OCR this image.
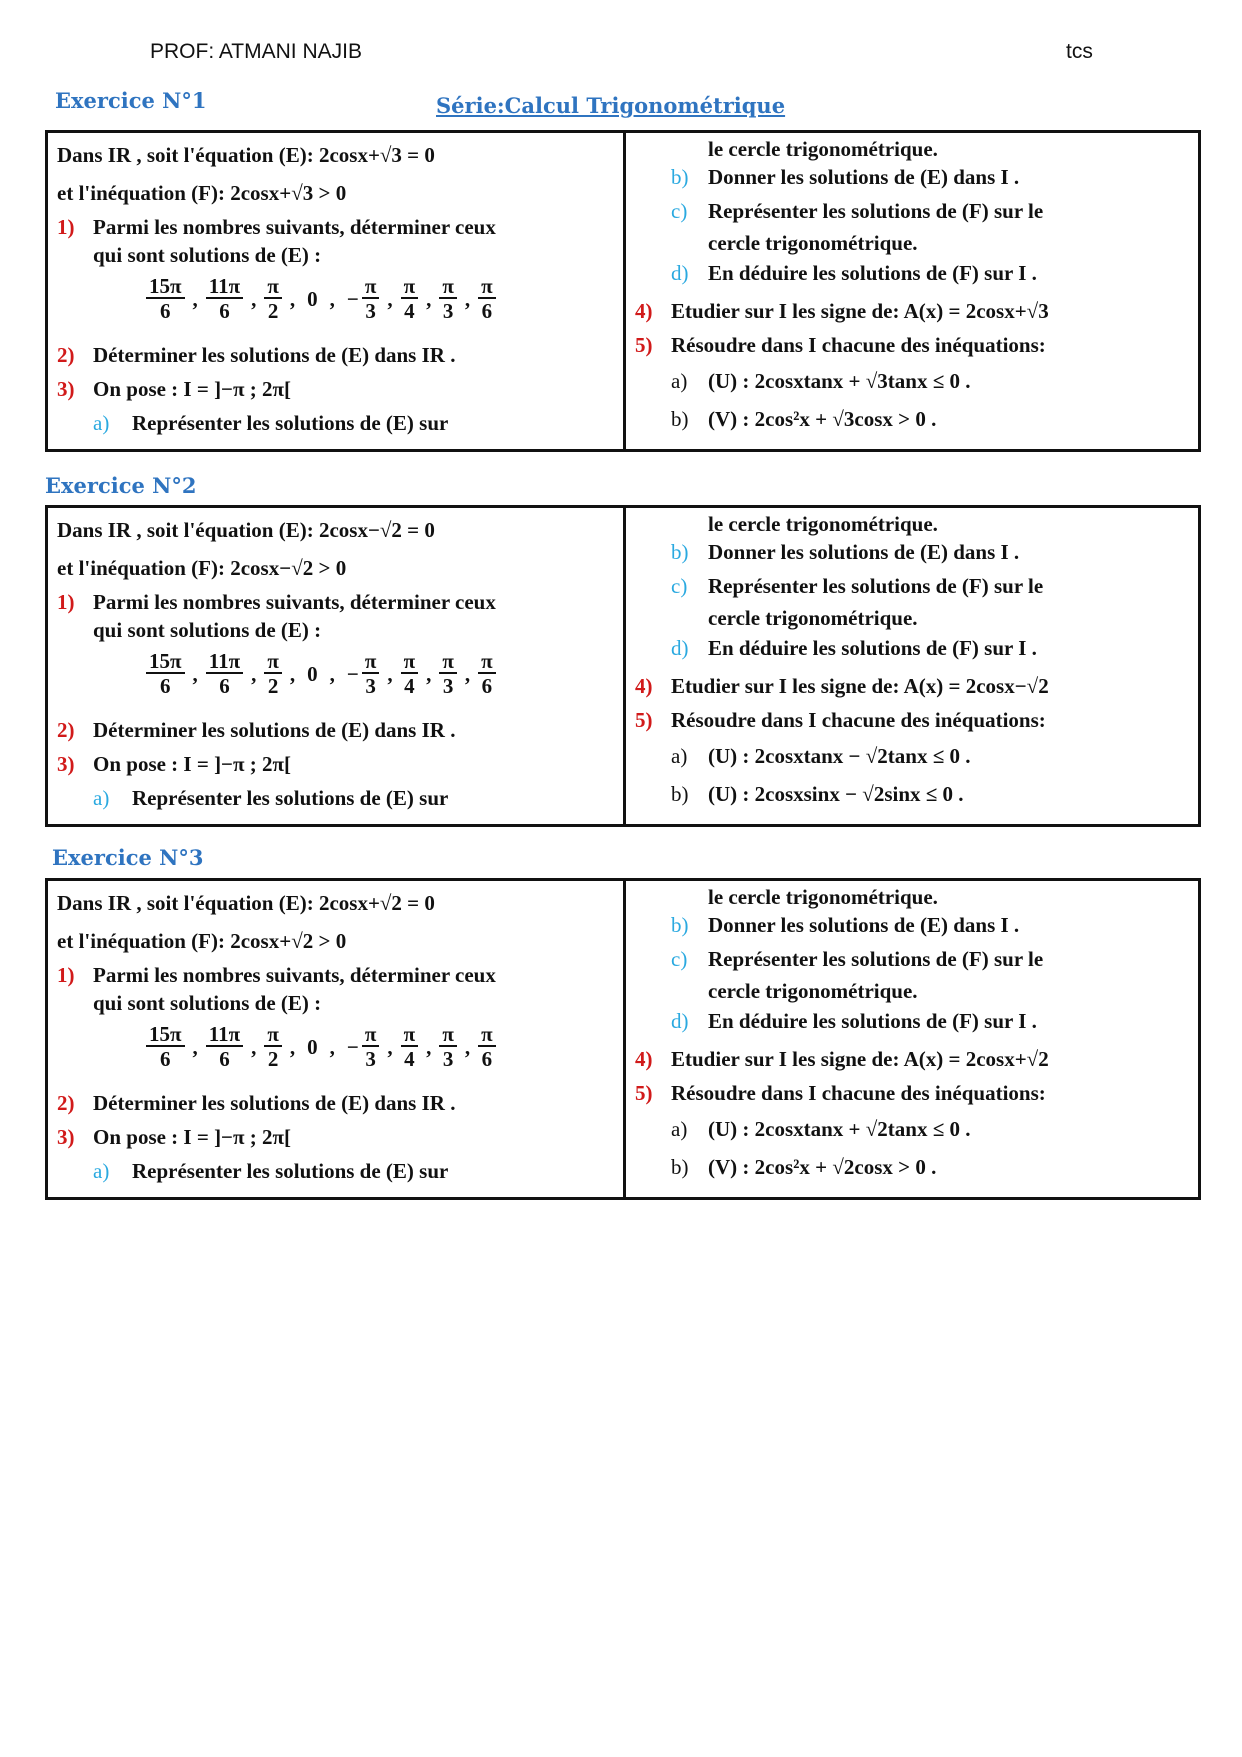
PROF: ATMANI NAJIB	tcs
Série:Calcul Trigonométrique
Exercice N°1
Dans IR , soit l'équation (E): 2cosx+√3 = 0
et l'inéquation (F): 2cosx+√3 > 0
1) Parmi les nombres suivants, déterminer ceux
qui sont solutions de (E) :
$\frac{15\pi}{6}$ , $\frac{11\pi}{6}$ , $\frac{\pi}{2}$ , 0 , − $\frac{\pi}{3}$ , $\frac{\pi}{4}$ , $\frac{\pi}{3}$ , $\frac{\pi}{6}$
2) Déterminer les solutions de (E) dans IR .
3) On pose : I = ]−π ; 2π[
a) Représenter les solutions de (E) sur
le cercle trigonométrique.
b) Donner les solutions de (E) dans I .
c) Représenter les solutions de (F) sur le
cercle trigonométrique.
d) En déduire les solutions de (F) sur I .
4) Etudier sur I les signe de: A(x) = 2cosx+√3
5) Résoudre dans I chacune des inéquations:
a) (U) : 2cosxtanx + √3tanx ≤ 0 .
b) (V) : 2cos²x + √3cosx > 0 .
Exercice N°2
Dans IR , soit l'équation (E): 2cosx−√2 = 0
et l'inéquation (F): 2cosx−√2 > 0
1) Parmi les nombres suivants, déterminer ceux
qui sont solutions de (E) :
$\frac{15\pi}{6}$ , $\frac{11\pi}{6}$ , $\frac{\pi}{2}$ , 0 , − $\frac{\pi}{3}$ , $\frac{\pi}{4}$ , $\frac{\pi}{3}$ , $\frac{\pi}{6}$
2) Déterminer les solutions de (E) dans IR .
3) On pose : I = ]−π ; 2π[
a) Représenter les solutions de (E) sur
le cercle trigonométrique.
b) Donner les solutions de (E) dans I .
c) Représenter les solutions de (F) sur le
cercle trigonométrique.
d) En déduire les solutions de (F) sur I .
4) Etudier sur I les signe de: A(x) = 2cosx−√2
5) Résoudre dans I chacune des inéquations:
a) (U) : 2cosxtanx − √2tanx ≤ 0 .
b) (U) : 2cosxsinx − √2sinx ≤ 0 .
Exercice N°3
Dans IR , soit l'équation (E): 2cosx+√2 = 0
et l'inéquation (F): 2cosx+√2 > 0
1) Parmi les nombres suivants, déterminer ceux
qui sont solutions de (E) :
$\frac{15\pi}{6}$ , $\frac{11\pi}{6}$ , $\frac{\pi}{2}$ , 0 , − $\frac{\pi}{3}$ , $\frac{\pi}{4}$ , $\frac{\pi}{3}$ , $\frac{\pi}{6}$
2) Déterminer les solutions de (E) dans IR .
3) On pose : I = ]−π ; 2π[
a) Représenter les solutions de (E) sur
le cercle trigonométrique.
b) Donner les solutions de (E) dans I .
c) Représenter les solutions de (F) sur le
cercle trigonométrique.
d) En déduire les solutions de (F) sur I .
4) Etudier sur I les signe de: A(x) = 2cosx+√2
5) Résoudre dans I chacune des inéquations:
a) (U) : 2cosxtanx + √2tanx ≤ 0 .
b) (V) : 2cos²x + √2cosx > 0 .
